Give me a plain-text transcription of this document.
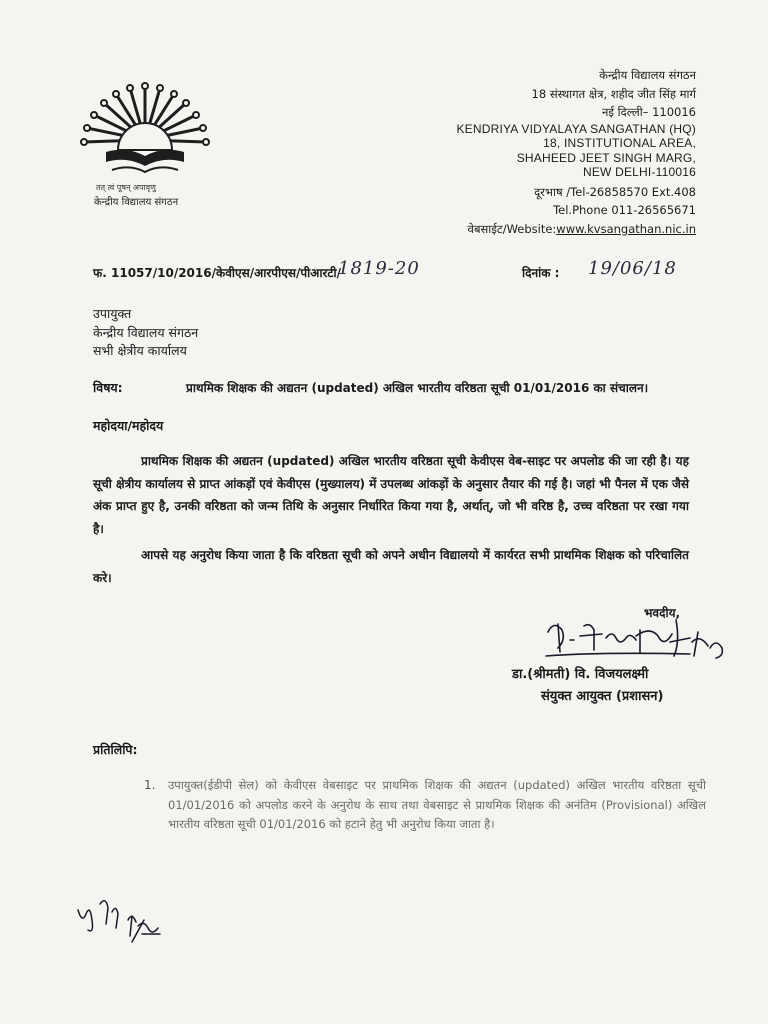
तत् त्वं पूषन् अपावृणु
केन्द्रीय विद्यालय संगठन
केन्द्रीय विद्यालय संगठन
18 संस्थागत क्षेत्र, शहीद जीत सिंह मार्ग
नई दिल्ली– 110016
KENDRIYA VIDYALAYA SANGATHAN (HQ)
18, INSTITUTIONAL AREA,
SHAHEED JEET SINGH MARG,
NEW DELHI-110016
दूरभाष /Tel-26858570 Ext.408
Tel.Phone 011-26565671
वेबसाईट/Website:www.kvsangathan.nic.in
फ. 11057/10/2016/केवीएस/आरपीएस/पीआरटी/
1819-20	दिनांक : 19/06/18
उपायुक्त
केन्द्रीय विद्यालय संगठन
सभी क्षेत्रीय कार्यालय
विषय:	प्राथमिक शिक्षक की अद्यतन (updated) अखिल भारतीय वरिष्ठता सूची 01/01/2016 का संचालन।
महोदया/महोदय
प्राथमिक शिक्षक की अद्यतन (updated) अखिल भारतीय वरिष्ठता सूची केवीएस वेब-साइट पर अपलोड की जा रही है। यह सूची क्षेत्रीय कार्यालय से प्राप्त आंकड़ों एवं केवीएस (मुख्यालय) में उपलब्ध आंकड़ों के अनुसार तैयार की गई है। जहां भी पैनल में एक जैसे अंक प्राप्त हुए है, उनकी वरिष्ठता को जन्म तिथि के अनुसार निर्धारित किया गया है, अर्थात्, जो भी वरिष्ठ है, उच्च वरिष्ठता पर रखा गया है।
आपसे यह अनुरोध किया जाता है कि वरिष्ठता सूची को अपने अधीन विद्यालयो में कार्यरत सभी प्राथमिक शिक्षक को परिचालित करे।
भवदीय,
डा.(श्रीमती) वि. विजयलक्ष्मी
संयुक्त आयुक्त (प्रशासन)
प्रतिलिपि:
1. उपायुक्त(ईडीपी सेल) को केवीएस वेबसाइट पर प्राथमिक शिक्षक की अद्यतन (updated) अखिल भारतीय वरिष्ठता सूची 01/01/2016 को अपलोड करने के अनुरोध के साथ तथा वेबसाइट से प्राथमिक शिक्षक की अनंतिम (Provisional) अखिल भारतीय वरिष्ठता सूची 01/01/2016 को हटाने हेतु भी अनुरोध किया जाता है।
